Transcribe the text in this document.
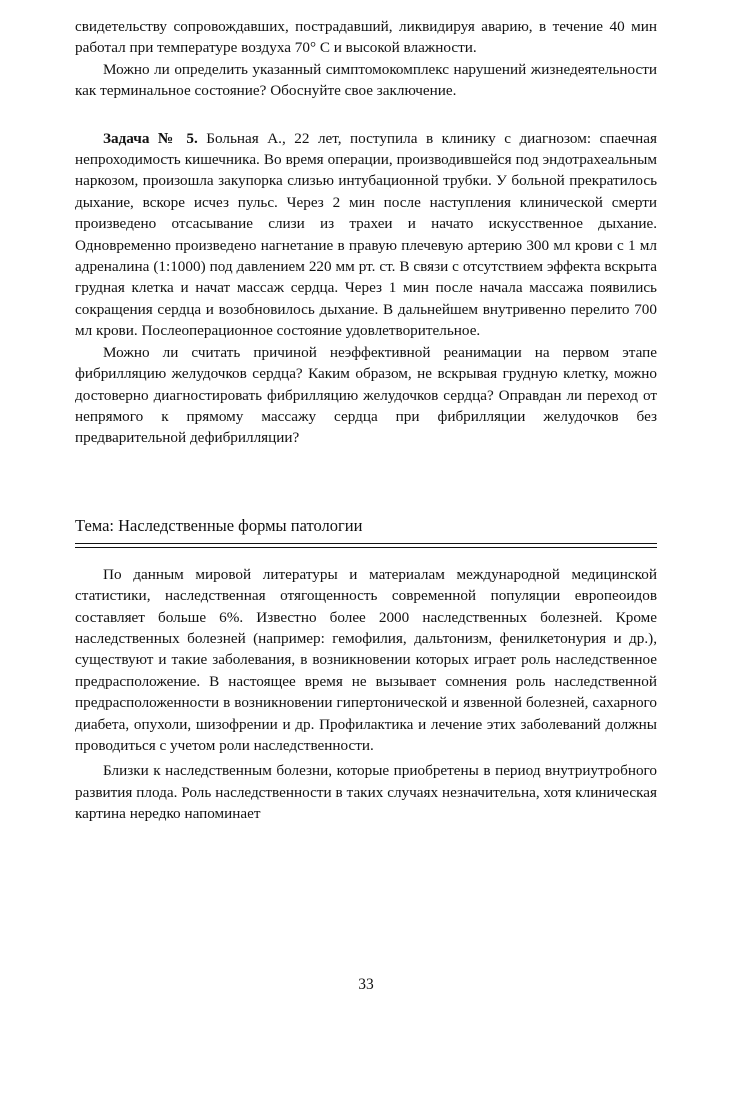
свидетельству сопровождавших, пострадавший, ликвидируя аварию, в течение 40 мин работал при температуре воздуха 70° С и высокой влажности.

Можно ли определить указанный симптомокомплекс нарушений жизнедеятельности как терминальное состояние? Обоснуйте свое заключение.

Задача № 5. Больная А., 22 лет, поступила в клинику с диагнозом: спаечная непроходимость кишечника. Во время операции, производившейся под эндотрахеальным наркозом, произошла закупорка слизью интубационной трубки. У больной прекратилось дыхание, вскоре исчез пульс. Через 2 мин после наступления клинической смерти произведено отсасывание слизи из трахеи и начато искусственное дыхание. Одновременно произведено нагнетание в правую плечевую артерию 300 мл крови с 1 мл адреналина (1:1000) под давлением 220 мм рт. ст. В связи с отсутствием эффекта вскрыта грудная клетка и начат массаж сердца. Через 1 мин после начала массажа появились сокращения сердца и возобновилось дыхание. В дальнейшем внутривенно перелито 700 мл крови. Послеоперационное состояние удовлетворительное.

Можно ли считать причиной неэффективной реанимации на первом этапе фибрилляцию желудочков сердца? Каким образом, не вскрывая грудную клетку, можно достоверно диагностировать фибрилляцию желудочков сердца? Оправдан ли переход от непрямого к прямому массажу сердца при фибрилляции желудочков без предварительной дефибрилляции?

Тема: Наследственные формы патологии

По данным мировой литературы и материалам международной медицинской статистики, наследственная отягощенность современной популяции европеоидов составляет больше 6%. Известно более 2000 наследственных болезней. Кроме наследственных болезней (например: гемофилия, дальтонизм, фенилкетонурия и др.), существуют и такие заболевания, в возникновении которых играет роль наследственное предрасположение. В настоящее время не вызывает сомнения роль наследственной предрасположенности в возникновении гипертонической и язвенной болезней, сахарного диабета, опухоли, шизофрении и др. Профилактика и лечение этих заболеваний должны проводиться с учетом роли наследственности.

Близки к наследственным болезни, которые приобретены в период внутриутробного развития плода. Роль наследственности в таких случаях незначительна, хотя клиническая картина нередко напоминает

33
